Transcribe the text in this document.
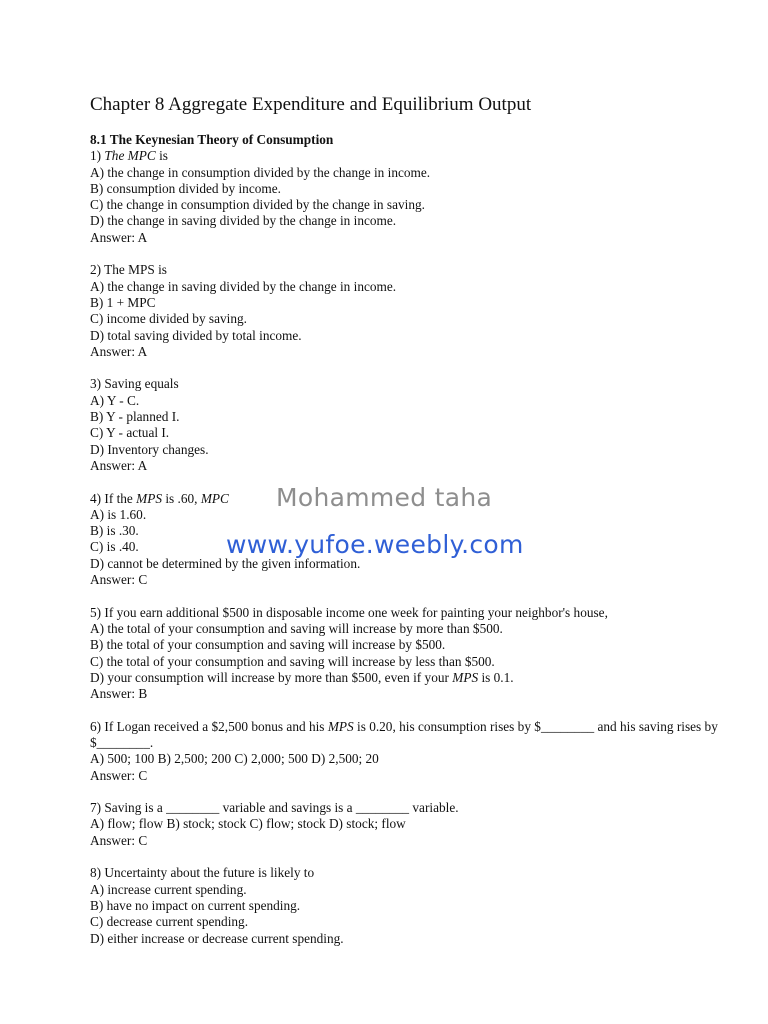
Chapter 8 Aggregate Expenditure and Equilibrium Output
8.1 The Keynesian Theory of Consumption
1) The MPC is
A) the change in consumption divided by the change in income.
B) consumption divided by income.
C) the change in consumption divided by the change in saving.
D) the change in saving divided by the change in income.
Answer: A
2) The MPS is
A) the change in saving divided by the change in income.
B) 1 + MPC
C) income divided by saving.
D) total saving divided by total income.
Answer: A
3) Saving equals
A) Y - C.
B) Y - planned I.
C) Y - actual I.
D) Inventory changes.
Answer: A
4) If the MPS is .60, MPC
A) is 1.60.
B) is .30.
C) is .40.
D) cannot be determined by the given information.
Answer: C
5) If you earn additional $500 in disposable income one week for painting your neighbor's house,
A) the total of your consumption and saving will increase by more than $500.
B) the total of your consumption and saving will increase by $500.
C) the total of your consumption and saving will increase by less than $500.
D) your consumption will increase by more than $500, even if your MPS is 0.1.
Answer: B
6) If Logan received a $2,500 bonus and his MPS is 0.20, his consumption rises by $________ and his saving rises by $________.
A) 500; 100 B) 2,500; 200 C) 2,000; 500 D) 2,500; 20
Answer: C
7) Saving is a ________ variable and savings is a ________ variable.
A) flow; flow B) stock; stock C) flow; stock D) stock; flow
Answer: C
8) Uncertainty about the future is likely to
A) increase current spending.
B) have no impact on current spending.
C) decrease current spending.
D) either increase or decrease current spending.
Mohammed taha
www.yufoe.weebly.com
